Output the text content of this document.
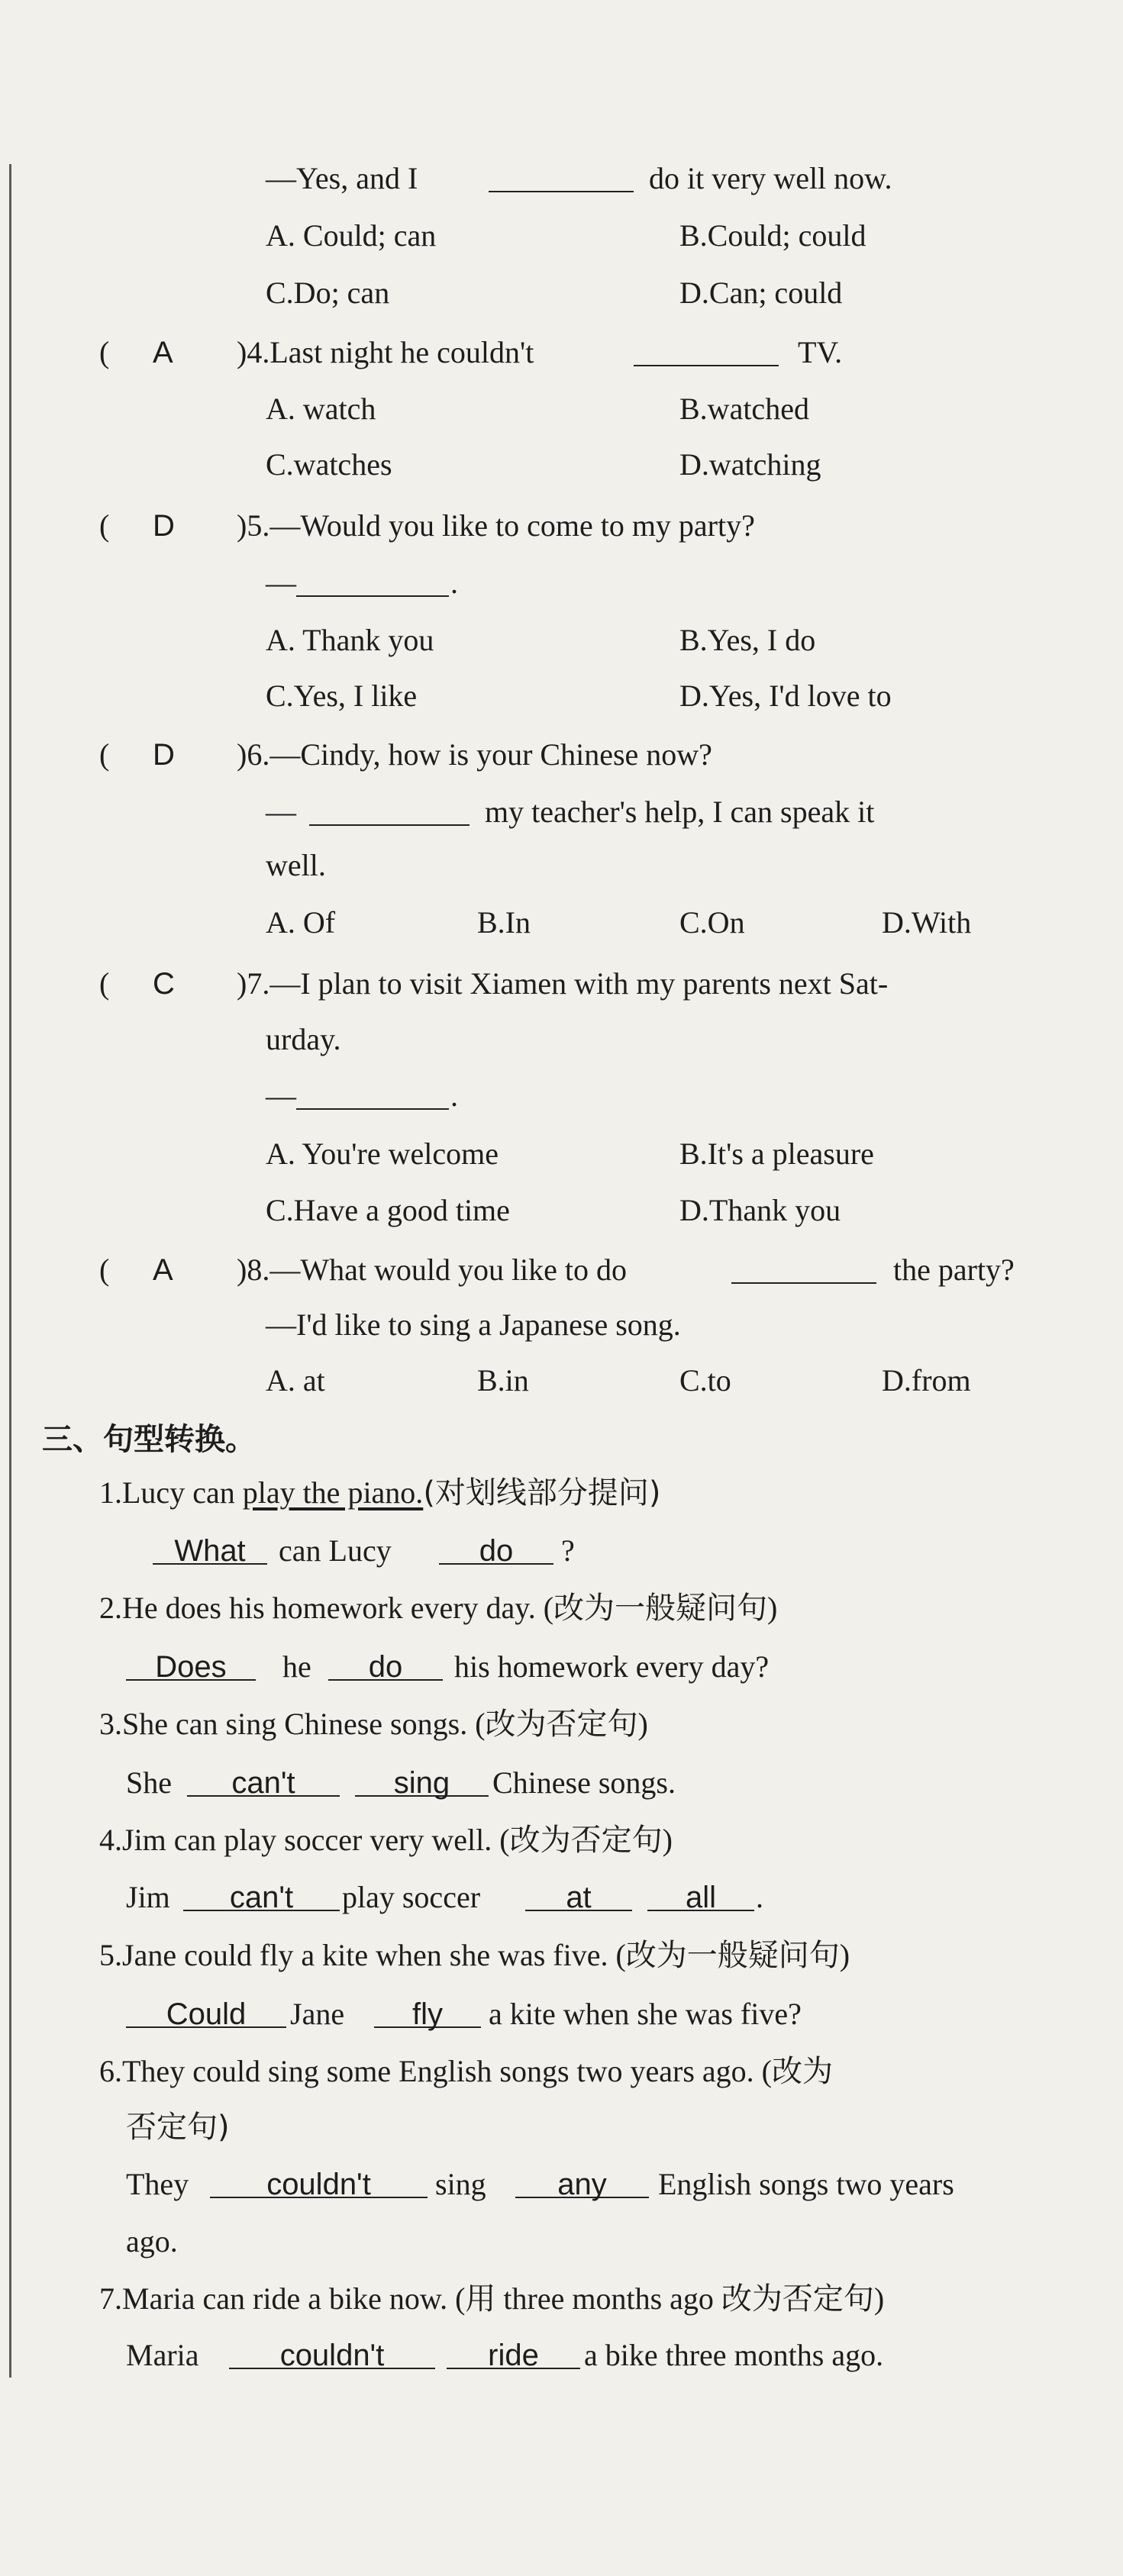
—Yes, and I	do it very well now.
A. Could; can	B.Could; could
C.Do; can	D.Can; could
( A )4.Last night he couldn't	TV.
A. watch	B.watched
C.watches	D.watching
( D )5.—Would you like to come to my party?
—	.
A. Thank you	B.Yes, I do
C.Yes, I like	D.Yes, I'd love to
( D )6.—Cindy, how is your Chinese now?
—	my teacher's help, I can speak it
well.
A. Of	B.In	C.On	D.With
( C )7.—I plan to visit Xiamen with my parents next Sat-
urday.
—	.
A. You're welcome	B.It's a pleasure
C.Have a good time	D.Thank you
( A )8.—What would you like to do	the party?
—I'd like to sing a Japanese song.
A. at	B.in	C.to	D.from
三、句型转换。
1.Lucy can play the piano.(对划线部分提问)
What	can Lucy	do	?
2.He does his homework every day. (改为一般疑问句)
Does	he	do	his homework every day?
3.She can sing Chinese songs. (改为否定句)
She	can't	sing	Chinese songs.
4.Jim can play soccer very well. (改为否定句)
Jim	can't	play soccer	at	all	.
5.Jane could fly a kite when she was five. (改为一般疑问句)
Could	Jane	fly	a kite when she was five?
6.They could sing some English songs two years ago. (改为
否定句)
They	couldn't	sing	any	English songs two years
ago.
7.Maria can ride a bike now. (用 three months ago 改为否定句)
Maria	couldn't	ride	a bike three months ago.
